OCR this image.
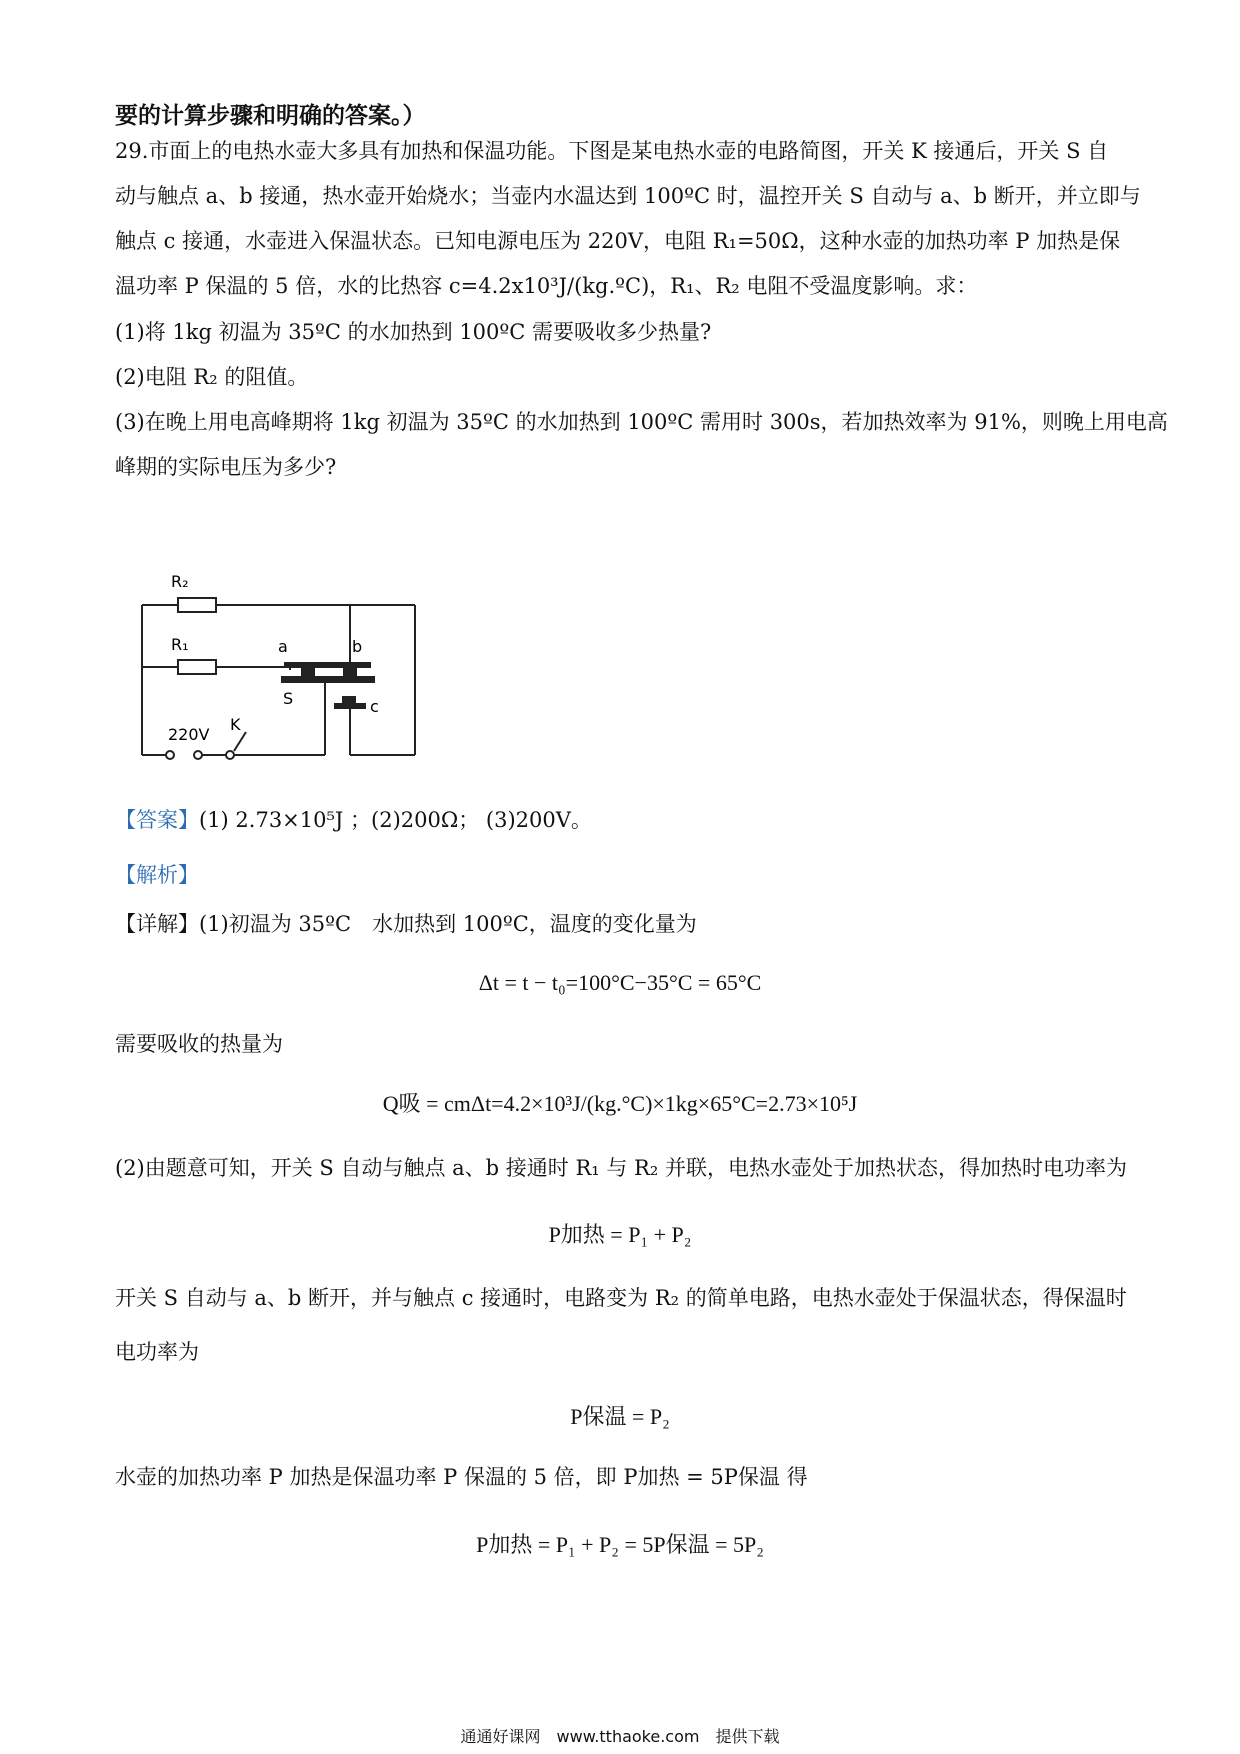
要的计算步骤和明确的答案。）
29.市面上的电热水壶大多具有加热和保温功能。下图是某电热水壶的电路简图，开关 K 接通后，开关 S 自
动与触点 a、b 接通，热水壶开始烧水；当壶内水温达到 100ºC 时，温控开关 S 自动与 a、b 断开，并立即与
触点 c 接通，水壶进入保温状态。已知电源电压为 220V，电阻 R₁=50Ω，这种水壶的加热功率 P 加热是保
温功率 P 保温的 5 倍，水的比热容 c=4.2x10³J/(kg.ºC)，R₁、R₂ 电阻不受温度影响。求：
(1)将 1kg 初温为 35ºC 的水加热到 100ºC 需要吸收多少热量?
(2)电阻 R₂ 的阻值。
(3)在晚上用电高峰期将 1kg 初温为 35ºC 的水加热到 100ºC 需用时 300s，若加热效率为 91%，则晚上用电高
峰期的实际电压为多少?
R₂
R₁	a	b
S	c
220V
K
【答案】(1) 2.73×10⁵J ；(2)200Ω； (3)200V。
【解析】
【详解】(1)初温为 35ºC　水加热到 100ºC，温度的变化量为
Δt = t − t₀=100°C−35°C = 65°C
需要吸收的热量为
Q吸 = cmΔt=4.2×10³J/(kg.°C)×1kg×65°C=2.73×10⁵J
(2)由题意可知，开关 S 自动与触点 a、b 接通时 R₁ 与 R₂ 并联，电热水壶处于加热状态，得加热时电功率为
P加热 = P₁ + P₂
开关 S 自动与 a、b 断开，并与触点 c 接通时，电路变为 R₂ 的简单电路，电热水壶处于保温状态，得保温时
电功率为
P保温 = P₂
水壶的加热功率 P 加热是保温功率 P 保温的 5 倍，即 P加热 = 5P保温 得
P加热 = P₁ + P₂ = 5P保温 = 5P₂
通通好课网　www.tthaoke.com　提供下载
